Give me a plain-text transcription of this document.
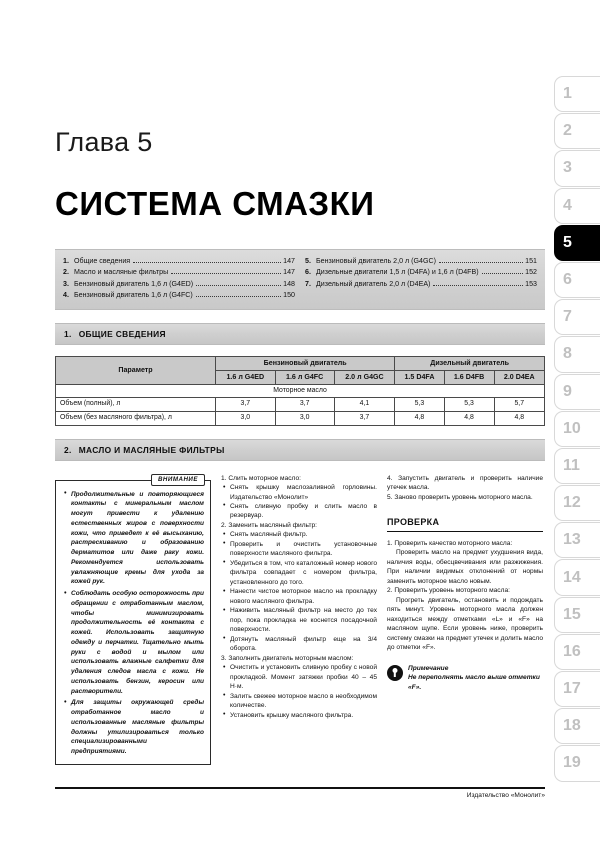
1
2
3
4
5
6
7
8
9
10
11
12
13
14
15
16
17
18
19
Глава 5
СИСТЕМА СМАЗКИ
1. Общие сведения	147
2. Масло и масляные фильтры	147
3. Бензиновый двигатель 1,6 л (G4ED)	148
4. Бензиновый двигатель 1,6 л (G4FC)	150
5. Бензиновый двигатель 2,0 л (G4GC)	151
6. Дизельные двигатели 1,5 л (D4FA) и 1,6 л (D4FB)	152
7. Дизельный двигатель 2,0 л (D4EA)	153
1. ОБЩИЕ СВЕДЕНИЯ
Параметр	Бензиновый двигатель			Дизельный двигатель		
	1.6 л G4ED	1.6 л G4FC	2.0 л G4GC	1.5 D4FA	1.6 D4FB	2.0 D4EA
Моторное масло						
Объем (полный), л	3,7	3,7	4,1	5,3	5,3	5,7
Объем (без масляного фильтра), л	3,0	3,0	3,7	4,8	4,8	4,8
2. МАСЛО И МАСЛЯНЫЕ ФИЛЬТРЫ
ВНИМАНИЕ

• Продолжительные и повторяющиеся контакты с минеральным маслом могут привести к удалению естественных жиров с поверхности кожи, что приведет к её высыханию, растрескиванию и образованию дерматитов или даже раку кожи. Рекомендуется использовать увлажняющие кремы для ухода за кожей рук.

• Соблюдать особую осторожность при обращении с отработанным маслом, чтобы минимизировать продолжительность её контакта с кожей. Использовать защитную одежду и перчатки. Тщательно мыть руки с водой и мылом или использовать влажные салфетки для удаления следов масла с кожи. Не использовать бензин, керосин или растворители.

• Для защиты окружающей среды отработанное масло и использованные масляные фильтры должны утилизироваться только специализированными предприятиями.

1. Слить моторное масло:

• Снять крышку маслозаливной горловины. Издательство «Монолит»

• Снять сливную пробку и слить масло в резервуар.

2. Заменить масляный фильтр:

• Снять масляный фильтр.

• Проверить и очистить установочные поверхности масляного фильтра.

• Убедиться в том, что каталожный номер нового фильтра совпадает с номером фильтра, установленного до того.

• Нанести чистое моторное масло на прокладку нового масляного фильтра.

• Наживить масляный фильтр на место до тех пор, пока прокладка не коснется посадочной поверхности.

• Дотянуть масляный фильтр еще на 3/4 оборота.

3. Заполнить двигатель моторным маслом:

• Очистить и установить сливную пробку с новой прокладкой. Момент затяжки пробки 40 – 45 Н·м.

• Залить свежее моторное масло в необходимом количестве.

• Установить крышку масляного фильтра.

4. Запустить двигатель и проверить наличие утечек масла.

5. Заново проверить уровень моторного масла.

ПРОВЕРКА

1. Проверить качество моторного масла:

Проверить масло на предмет ухудшения вида, наличия воды, обесцвечивания или разжижения. При наличии видимых отклонений от нормы заменить моторное масло новым.

2. Проверить уровень моторного масла:

Прогреть двигатель, остановить и подождать пять минут. Уровень моторного масла должен находиться между отметками «L» и «F» на масляном щупе. Если уровень ниже, проверить систему смазки на предмет утечек и долить масло до отметки «F».

Примечание
Не переполнять масло выше отметки «F».
Издательство «Монолит»
